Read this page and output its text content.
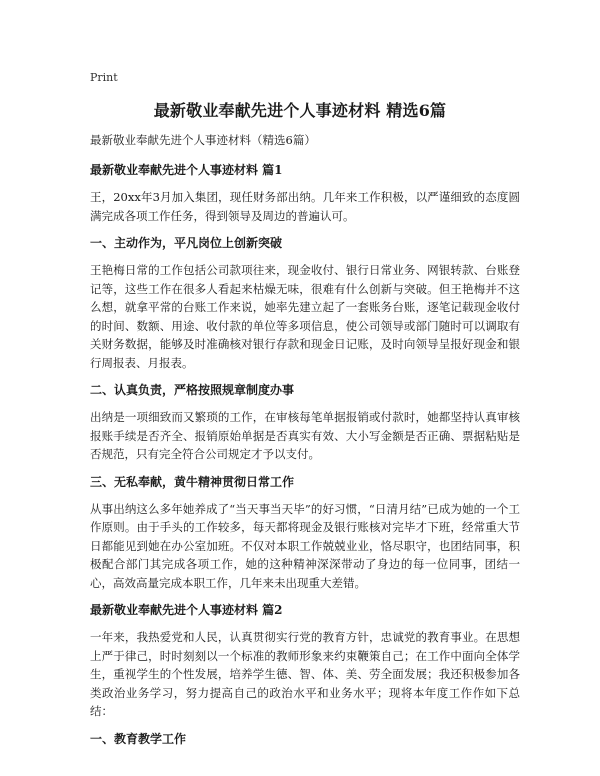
Print
最新敬业奉献先进个人事迹材料 精选6篇
最新敬业奉献先进个人事迹材料（精选6篇）
最新敬业奉献先进个人事迹材料 篇1
王，20xx年3月加入集团，现任财务部出纳。几年来工作积极，以严谨细致的态度圆满完成各项工作任务，得到领导及周边的普遍认可。
一、主动作为，平凡岗位上创新突破
王艳梅日常的工作包括公司款项往来，现金收付、银行日常业务、网银转款、台账登记等，这些工作在很多人看起来枯燥无味，很难有什么创新与突破。但王艳梅并不这么想，就拿平常的台账工作来说，她率先建立起了一套账务台账，逐笔记载现金收付的时间、数额、用途、收付款的单位等多项信息，使公司领导或部门随时可以调取有关财务数据，能够及时准确核对银行存款和现金日记账，及时向领导呈报好现金和银行周报表、月报表。
二、认真负责，严格按照规章制度办事
出纳是一项细致而又繁琐的工作，在审核每笔单据报销或付款时，她都坚持认真审核报账手续是否齐全、报销原始单据是否真实有效、大小写金额是否正确、票据粘贴是否规范，只有完全符合公司规定才予以支付。
三、无私奉献，黄牛精神贯彻日常工作
从事出纳这么多年她养成了“当天事当天毕”的好习惯，“日清月结”已成为她的一个工作原则。由于手头的工作较多，每天都将现金及银行账核对完毕才下班，经常重大节日都能见到她在办公室加班。不仅对本职工作兢兢业业，恪尽职守，也团结同事，积极配合部门其完成各项工作，她的这种精神深深带动了身边的每一位同事，团结一心，高效高量完成本职工作，几年来未出现重大差错。
最新敬业奉献先进个人事迹材料 篇2
一年来，我热爱党和人民，认真贯彻实行党的教育方针，忠诚党的教育事业。在思想上严于律己，时时刻刻以一个标准的教师形象来约束鞭策自己；在工作中面向全体学生，重视学生的个性发展，培养学生德、智、体、美、劳全面发展；我还积极参加各类政治业务学习，努力提高自己的政治水平和业务水平；现将本年度工作作如下总结：
一、教育教学工作
